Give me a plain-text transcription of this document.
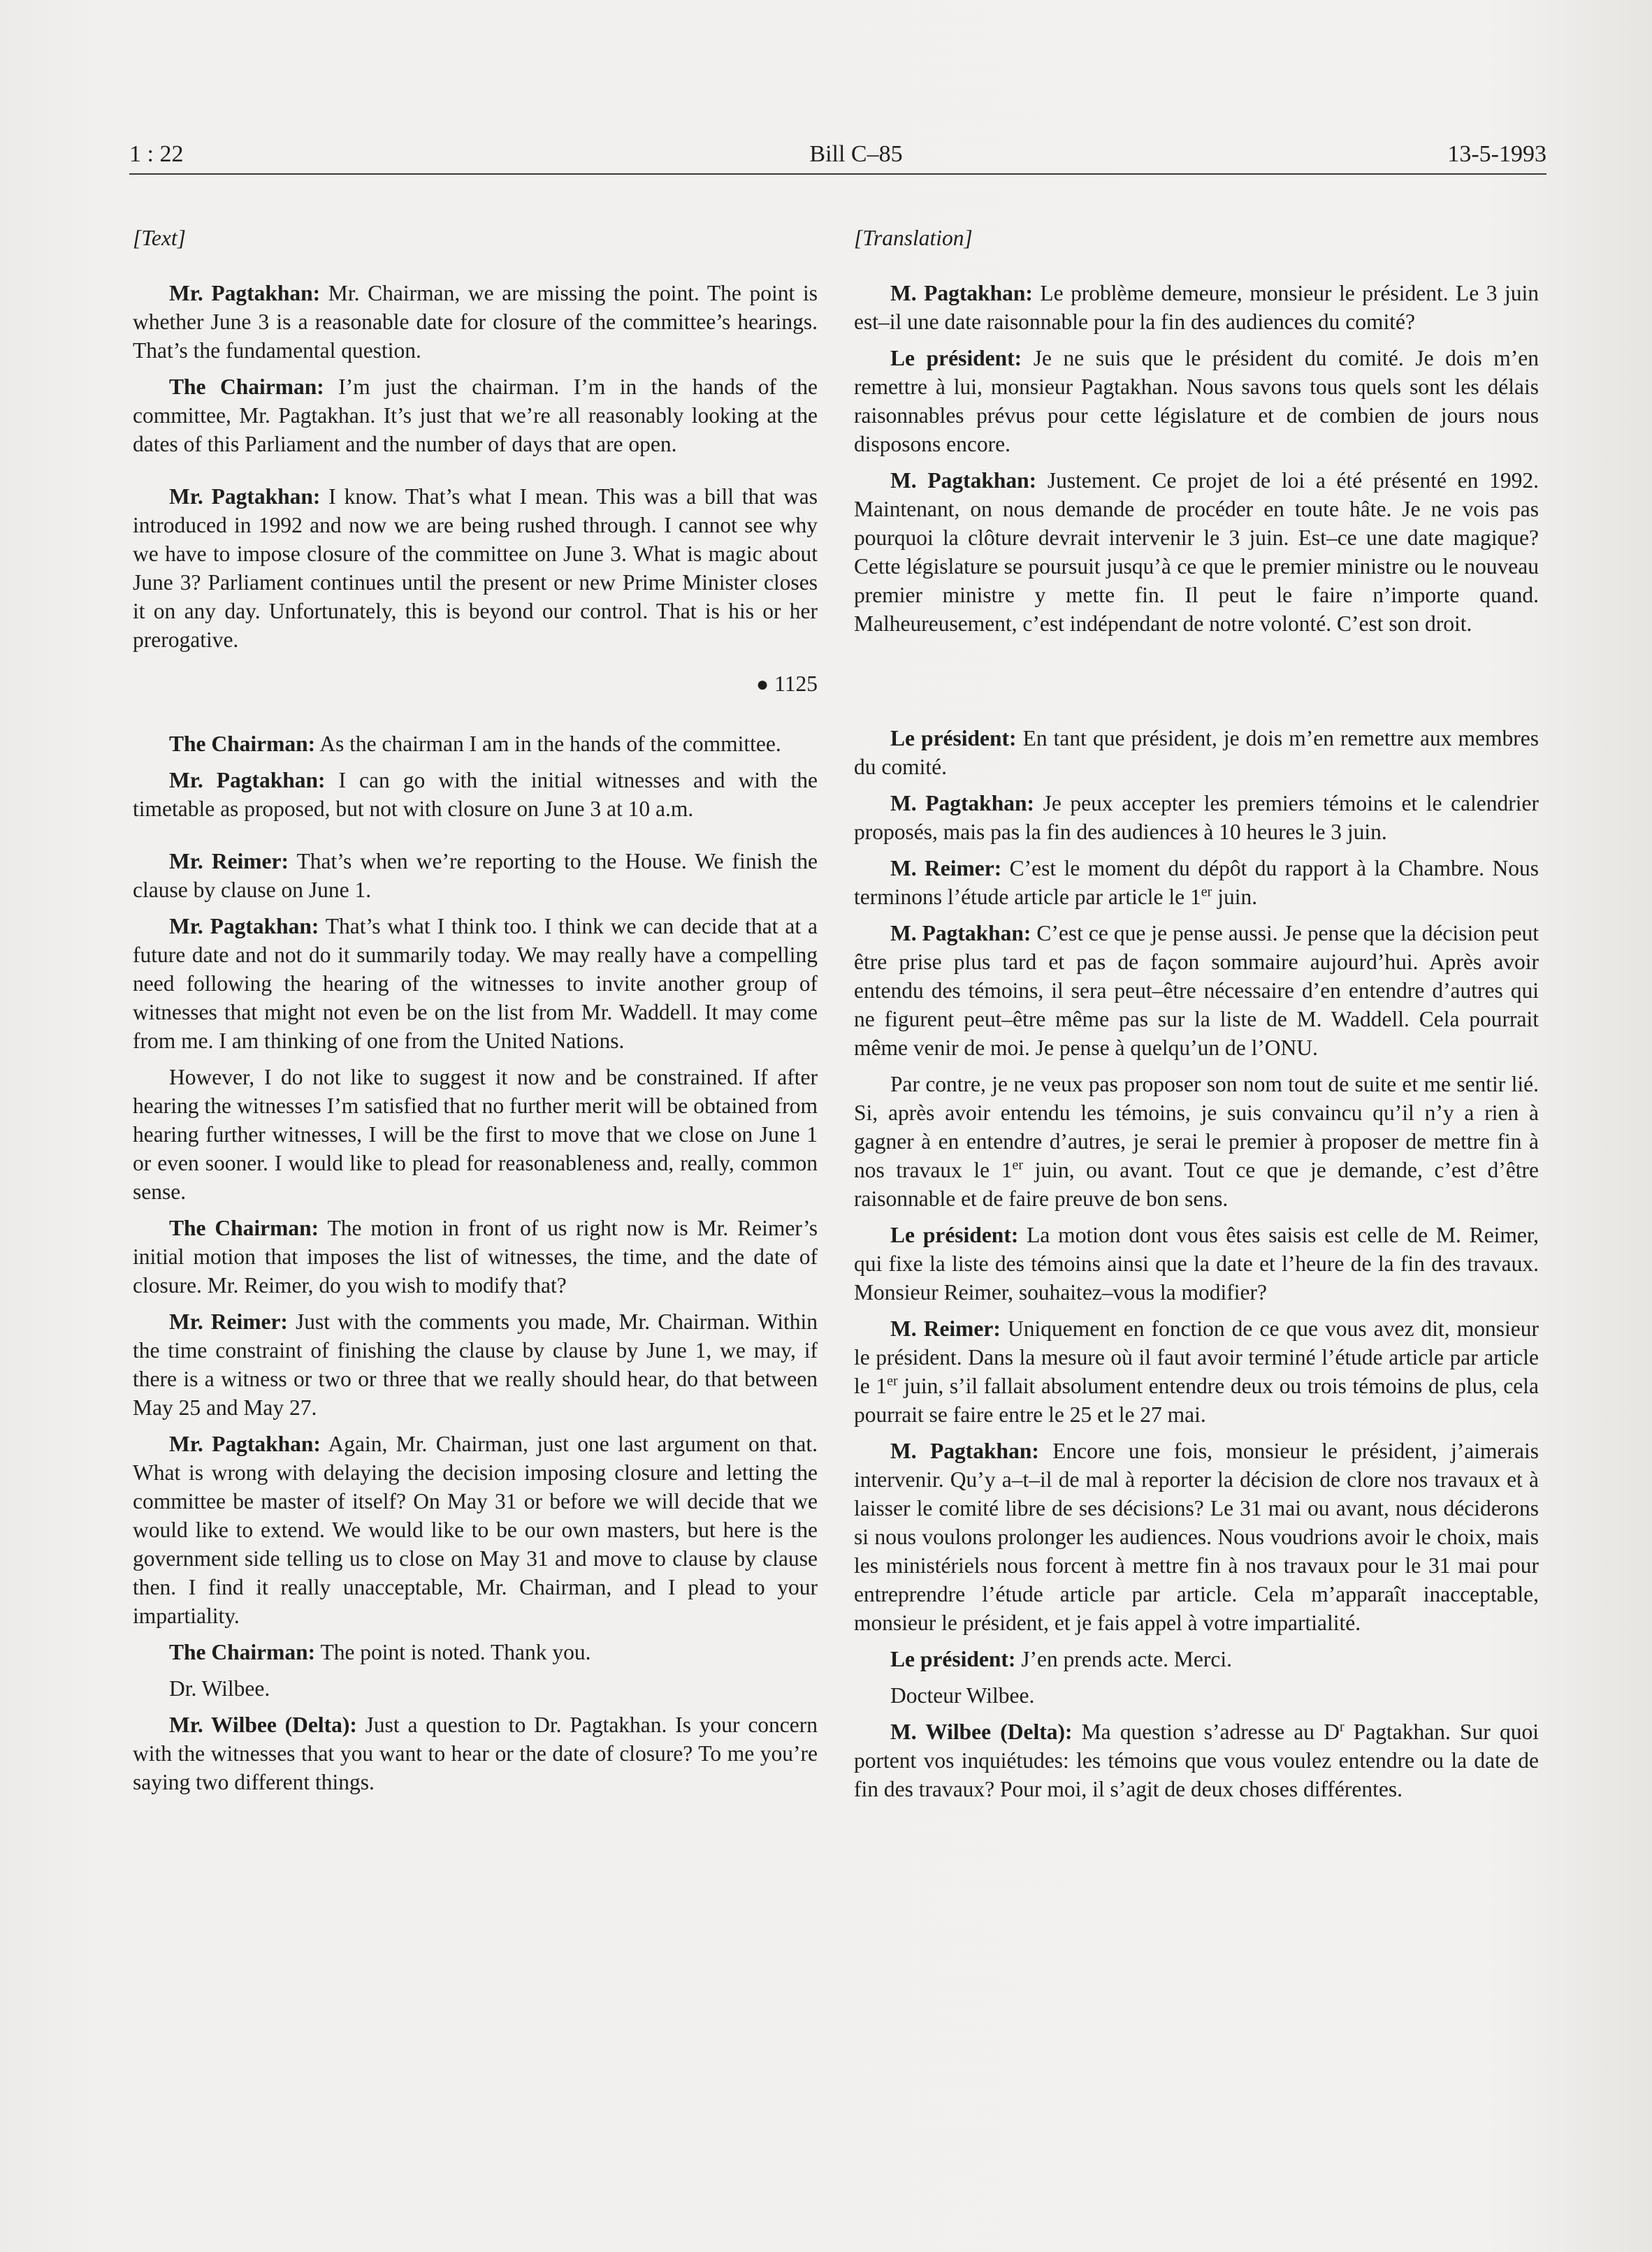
1 : 22	Bill C–85	13-5-1993
[Text]

Mr. Pagtakhan: Mr. Chairman, we are missing the point. The point is whether June 3 is a reasonable date for closure of the committee’s hearings. That’s the fundamental question.

The Chairman: I’m just the chairman. I’m in the hands of the committee, Mr. Pagtakhan. It’s just that we’re all reasonably looking at the dates of this Parliament and the number of days that are open.

Mr. Pagtakhan: I know. That’s what I mean. This was a bill that was introduced in 1992 and now we are being rushed through. I cannot see why we have to impose closure of the committee on June 3. What is magic about June 3? Parliament continues until the present or new Prime Minister closes it on any day. Unfortunately, this is beyond our control. That is his or her prerogative.

● 1125

The Chairman: As the chairman I am in the hands of the committee.

Mr. Pagtakhan: I can go with the initial witnesses and with the timetable as proposed, but not with closure on June 3 at 10 a.m.

Mr. Reimer: That’s when we’re reporting to the House. We finish the clause by clause on June 1.

Mr. Pagtakhan: That’s what I think too. I think we can decide that at a future date and not do it summarily today. We may really have a compelling need following the hearing of the witnesses to invite another group of witnesses that might not even be on the list from Mr. Waddell. It may come from me. I am thinking of one from the United Nations.

However, I do not like to suggest it now and be constrained. If after hearing the witnesses I’m satisfied that no further merit will be obtained from hearing further witnesses, I will be the first to move that we close on June 1 or even sooner. I would like to plead for reasonableness and, really, common sense.

The Chairman: The motion in front of us right now is Mr. Reimer’s initial motion that imposes the list of witnesses, the time, and the date of closure. Mr. Reimer, do you wish to modify that?

Mr. Reimer: Just with the comments you made, Mr. Chairman. Within the time constraint of finishing the clause by clause by June 1, we may, if there is a witness or two or three that we really should hear, do that between May 25 and May 27.

Mr. Pagtakhan: Again, Mr. Chairman, just one last argument on that. What is wrong with delaying the decision imposing closure and letting the committee be master of itself? On May 31 or before we will decide that we would like to extend. We would like to be our own masters, but here is the government side telling us to close on May 31 and move to clause by clause then. I find it really unacceptable, Mr. Chairman, and I plead to your impartiality.

The Chairman: The point is noted. Thank you.

Dr. Wilbee.

Mr. Wilbee (Delta): Just a question to Dr. Pagtakhan. Is your concern with the witnesses that you want to hear or the date of closure? To me you’re saying two different things.

[Translation]

M. Pagtakhan: Le problème demeure, monsieur le président. Le 3 juin est–il une date raisonnable pour la fin des audiences du comité?

Le président: Je ne suis que le président du comité. Je dois m’en remettre à lui, monsieur Pagtakhan. Nous savons tous quels sont les délais raisonnables prévus pour cette législature et de combien de jours nous disposons encore.

M. Pagtakhan: Justement. Ce projet de loi a été présenté en 1992. Maintenant, on nous demande de procéder en toute hâte. Je ne vois pas pourquoi la clôture devrait intervenir le 3 juin. Est–ce une date magique? Cette législature se poursuit jusqu’à ce que le premier ministre ou le nouveau premier ministre y mette fin. Il peut le faire n’importe quand. Malheureusement, c’est indépendant de notre volonté. C’est son droit.

Le président: En tant que président, je dois m’en remettre aux membres du comité.

M. Pagtakhan: Je peux accepter les premiers témoins et le calendrier proposés, mais pas la fin des audiences à 10 heures le 3 juin.

M. Reimer: C’est le moment du dépôt du rapport à la Chambre. Nous terminons l’étude article par article le 1er juin.

M. Pagtakhan: C’est ce que je pense aussi. Je pense que la décision peut être prise plus tard et pas de façon sommaire aujourd’hui. Après avoir entendu des témoins, il sera peut–être nécessaire d’en entendre d’autres qui ne figurent peut–être même pas sur la liste de M. Waddell. Cela pourrait même venir de moi. Je pense à quelqu’un de l’ONU.

Par contre, je ne veux pas proposer son nom tout de suite et me sentir lié. Si, après avoir entendu les témoins, je suis convaincu qu’il n’y a rien à gagner à en entendre d’autres, je serai le premier à proposer de mettre fin à nos travaux le 1er juin, ou avant. Tout ce que je demande, c’est d’être raisonnable et de faire preuve de bon sens.

Le président: La motion dont vous êtes saisis est celle de M. Reimer, qui fixe la liste des témoins ainsi que la date et l’heure de la fin des travaux. Monsieur Reimer, souhaitez–vous la modifier?

M. Reimer: Uniquement en fonction de ce que vous avez dit, monsieur le président. Dans la mesure où il faut avoir terminé l’étude article par article le 1er juin, s’il fallait absolument entendre deux ou trois témoins de plus, cela pourrait se faire entre le 25 et le 27 mai.

M. Pagtakhan: Encore une fois, monsieur le président, j’aimerais intervenir. Qu’y a–t–il de mal à reporter la décision de clore nos travaux et à laisser le comité libre de ses décisions? Le 31 mai ou avant, nous déciderons si nous voulons prolonger les audiences. Nous voudrions avoir le choix, mais les ministériels nous forcent à mettre fin à nos travaux pour le 31 mai pour entreprendre l’étude article par article. Cela m’apparaît inacceptable, monsieur le président, et je fais appel à votre impartialité.

Le président: J’en prends acte. Merci.

Docteur Wilbee.

M. Wilbee (Delta): Ma question s’adresse au $D^r$ Pagtakhan. Sur quoi portent vos inquiétudes: les témoins que vous voulez entendre ou la date de fin des travaux? Pour moi, il s’agit de deux choses différentes.
